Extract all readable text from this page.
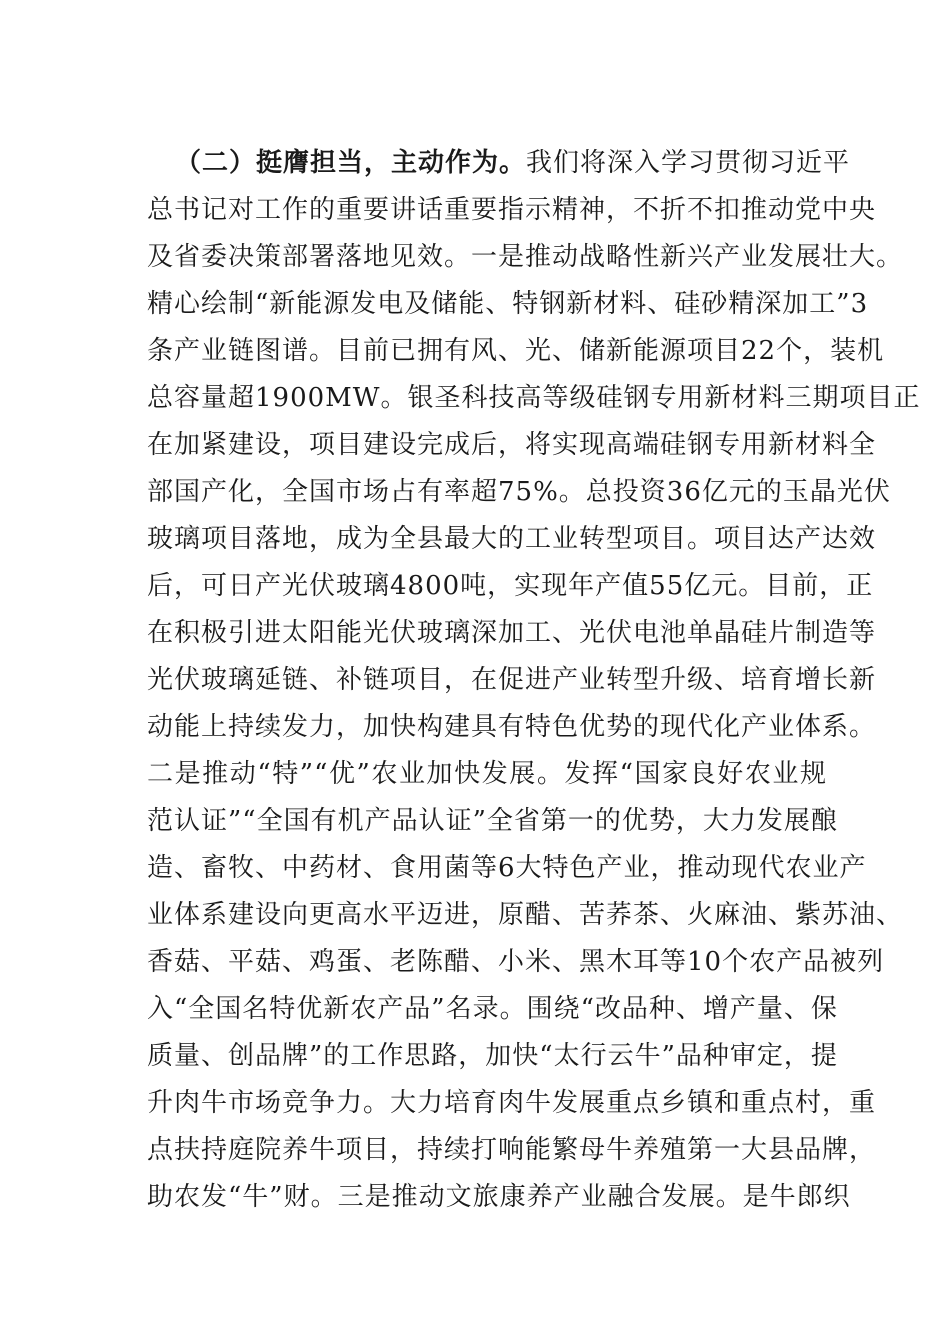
（二）挺膺担当，主动作为。我们将深入学习贯彻习近平
总书记对工作的重要讲话重要指示精神，不折不扣推动党中央
及省委决策部署落地见效。一是推动战略性新兴产业发展壮大。
精心绘制“新能源发电及储能、特钢新材料、硅砂精深加工”3
条产业链图谱。目前已拥有风、光、储新能源项目22个，装机
总容量超1900MW。银圣科技高等级硅钢专用新材料三期项目正
在加紧建设，项目建设完成后，将实现高端硅钢专用新材料全
部国产化，全国市场占有率超75%。总投资36亿元的玉晶光伏
玻璃项目落地，成为全县最大的工业转型项目。项目达产达效
后，可日产光伏玻璃4800吨，实现年产值55亿元。目前，正
在积极引进太阳能光伏玻璃深加工、光伏电池单晶硅片制造等
光伏玻璃延链、补链项目，在促进产业转型升级、培育增长新
动能上持续发力，加快构建具有特色优势的现代化产业体系。
二是推动“特”“优”农业加快发展。发挥“国家良好农业规
范认证”“全国有机产品认证”全省第一的优势，大力发展酿
造、畜牧、中药材、食用菌等6大特色产业，推动现代农业产
业体系建设向更高水平迈进，原醋、苦荞茶、火麻油、紫苏油、
香菇、平菇、鸡蛋、老陈醋、小米、黑木耳等10个农产品被列
入“全国名特优新农产品”名录。围绕“改品种、增产量、保
质量、创品牌”的工作思路，加快“太行云牛”品种审定，提
升肉牛市场竞争力。大力培育肉牛发展重点乡镇和重点村，重
点扶持庭院养牛项目，持续打响能繁母牛养殖第一大县品牌，
助农发“牛”财。三是推动文旅康养产业融合发展。是牛郎织
